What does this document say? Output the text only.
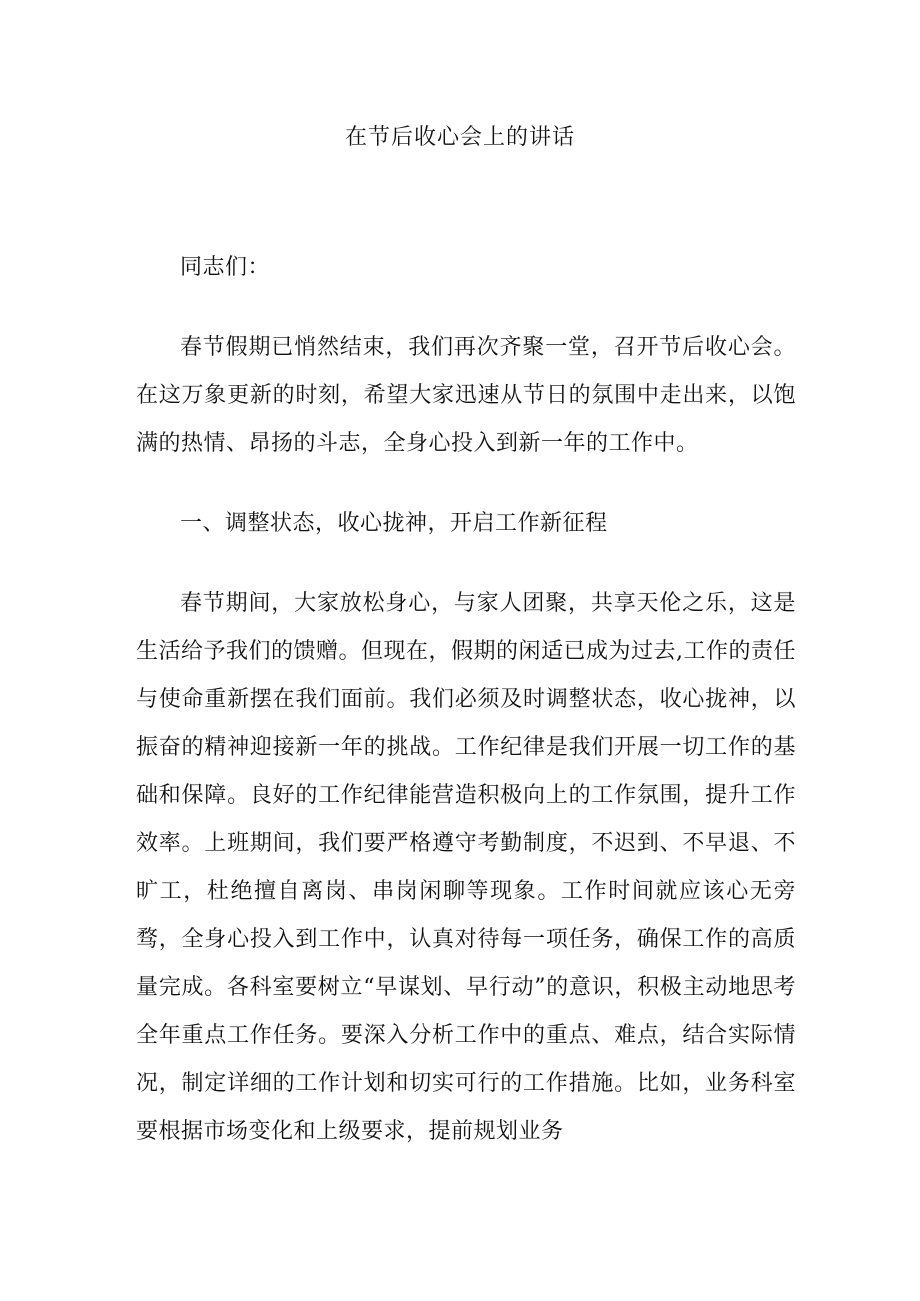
在节后收心会上的讲话

同志们：

春节假期已悄然结束，我们再次齐聚一堂，召开节后收心会。在这万象更新的时刻，希望大家迅速从节日的氛围中走出来，以饱满的热情、昂扬的斗志，全身心投入到新一年的工作中。

一、调整状态，收心拢神，开启工作新征程

春节期间，大家放松身心，与家人团聚，共享天伦之乐，这是生活给予我们的馈赠。但现在，假期的闲适已成为过去,工作的责任与使命重新摆在我们面前。我们必须及时调整状态，收心拢神，以振奋的精神迎接新一年的挑战。工作纪律是我们开展一切工作的基础和保障。良好的工作纪律能营造积极向上的工作氛围，提升工作效率。上班期间，我们要严格遵守考勤制度，不迟到、不早退、不旷工，杜绝擅自离岗、串岗闲聊等现象。工作时间就应该心无旁骛，全身心投入到工作中，认真对待每一项任务，确保工作的高质量完成。各科室要树立“早谋划、早行动”的意识，积极主动地思考全年重点工作任务。要深入分析工作中的重点、难点，结合实际情况，制定详细的工作计划和切实可行的工作措施。比如，业务科室要根据市场变化和上级要求，提前规划业务
